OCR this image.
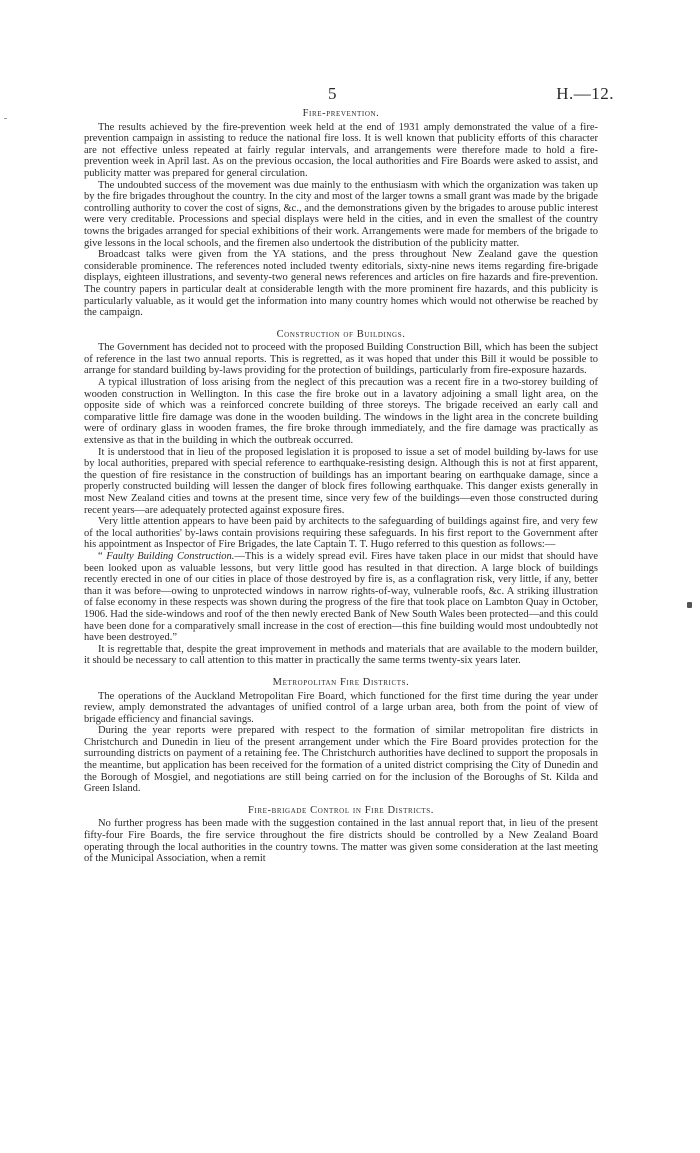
5	H.—12.
Fire-prevention.

The results achieved by the fire-prevention week held at the end of 1931 amply demonstrated the value of a fire-prevention campaign in assisting to reduce the national fire loss. It is well known that publicity efforts of this character are not effective unless repeated at fairly regular intervals, and arrangements were therefore made to hold a fire-prevention week in April last. As on the previous occasion, the local authorities and Fire Boards were asked to assist, and publicity matter was prepared for general circulation.

The undoubted success of the movement was due mainly to the enthusiasm with which the organization was taken up by the fire brigades throughout the country. In the city and most of the larger towns a small grant was made by the brigade controlling authority to cover the cost of signs, &c., and the demonstrations given by the brigades to arouse public interest were very creditable. Processions and special displays were held in the cities, and in even the smallest of the country towns the brigades arranged for special exhibitions of their work. Arrangements were made for members of the brigade to give lessons in the local schools, and the firemen also undertook the distribution of the publicity matter.

Broadcast talks were given from the YA stations, and the press throughout New Zealand gave the question considerable prominence. The references noted included twenty editorials, sixty-nine news items regarding fire-brigade displays, eighteen illustrations, and seventy-two general news references and articles on fire hazards and fire-prevention. The country papers in particular dealt at considerable length with the more prominent fire hazards, and this publicity is particularly valuable, as it would get the information into many country homes which would not otherwise be reached by the campaign.

Construction of Buildings.

The Government has decided not to proceed with the proposed Building Construction Bill, which has been the subject of reference in the last two annual reports. This is regretted, as it was hoped that under this Bill it would be possible to arrange for standard building by-laws providing for the protection of buildings, particularly from fire-exposure hazards.

A typical illustration of loss arising from the neglect of this precaution was a recent fire in a two-storey building of wooden construction in Wellington. In this case the fire broke out in a lavatory adjoining a small light area, on the opposite side of which was a reinforced concrete building of three storeys. The brigade received an early call and comparative little fire damage was done in the wooden building. The windows in the light area in the concrete building were of ordinary glass in wooden frames, the fire broke through immediately, and the fire damage was practically as extensive as that in the building in which the outbreak occurred.

It is understood that in lieu of the proposed legislation it is proposed to issue a set of model building by-laws for use by local authorities, prepared with special reference to earthquake-resisting design. Although this is not at first apparent, the question of fire resistance in the construction of buildings has an important bearing on earthquake damage, since a properly constructed building will lessen the danger of block fires following earthquake. This danger exists generally in most New Zealand cities and towns at the present time, since very few of the buildings—even those constructed during recent years—are adequately protected against exposure fires.

Very little attention appears to have been paid by architects to the safeguarding of buildings against fire, and very few of the local authorities' by-laws contain provisions requiring these safeguards. In his first report to the Government after his appointment as Inspector of Fire Brigades, the late Captain T. T. Hugo referred to this question as follows:—

“ Faulty Building Construction.—This is a widely spread evil. Fires have taken place in our midst that should have been looked upon as valuable lessons, but very little good has resulted in that direction. A large block of buildings recently erected in one of our cities in place of those destroyed by fire is, as a conflagration risk, very little, if any, better than it was before—owing to unprotected windows in narrow rights-of-way, vulnerable roofs, &c. A striking illustration of false economy in these respects was shown during the progress of the fire that took place on Lambton Quay in October, 1906. Had the side-windows and roof of the then newly erected Bank of New South Wales been protected—and this could have been done for a comparatively small increase in the cost of erection—this fine building would most undoubtedly not have been destroyed.”

It is regrettable that, despite the great improvement in methods and materials that are available to the modern builder, it should be necessary to call attention to this matter in practically the same terms twenty-six years later.

Metropolitan Fire Districts.

The operations of the Auckland Metropolitan Fire Board, which functioned for the first time during the year under review, amply demonstrated the advantages of unified control of a large urban area, both from the point of view of brigade efficiency and financial savings.

During the year reports were prepared with respect to the formation of similar metropolitan fire districts in Christchurch and Dunedin in lieu of the present arrangement under which the Fire Board provides protection for the surrounding districts on payment of a retaining fee. The Christchurch authorities have declined to support the proposals in the meantime, but application has been received for the formation of a united district comprising the City of Dunedin and the Borough of Mosgiel, and negotiations are still being carried on for the inclusion of the Boroughs of St. Kilda and Green Island.

Fire-brigade Control in Fire Districts.

No further progress has been made with the suggestion contained in the last annual report that, in lieu of the present fifty-four Fire Boards, the fire service throughout the fire districts should be controlled by a New Zealand Board operating through the local authorities in the country towns. The matter was given some consideration at the last meeting of the Municipal Association, when a remit
